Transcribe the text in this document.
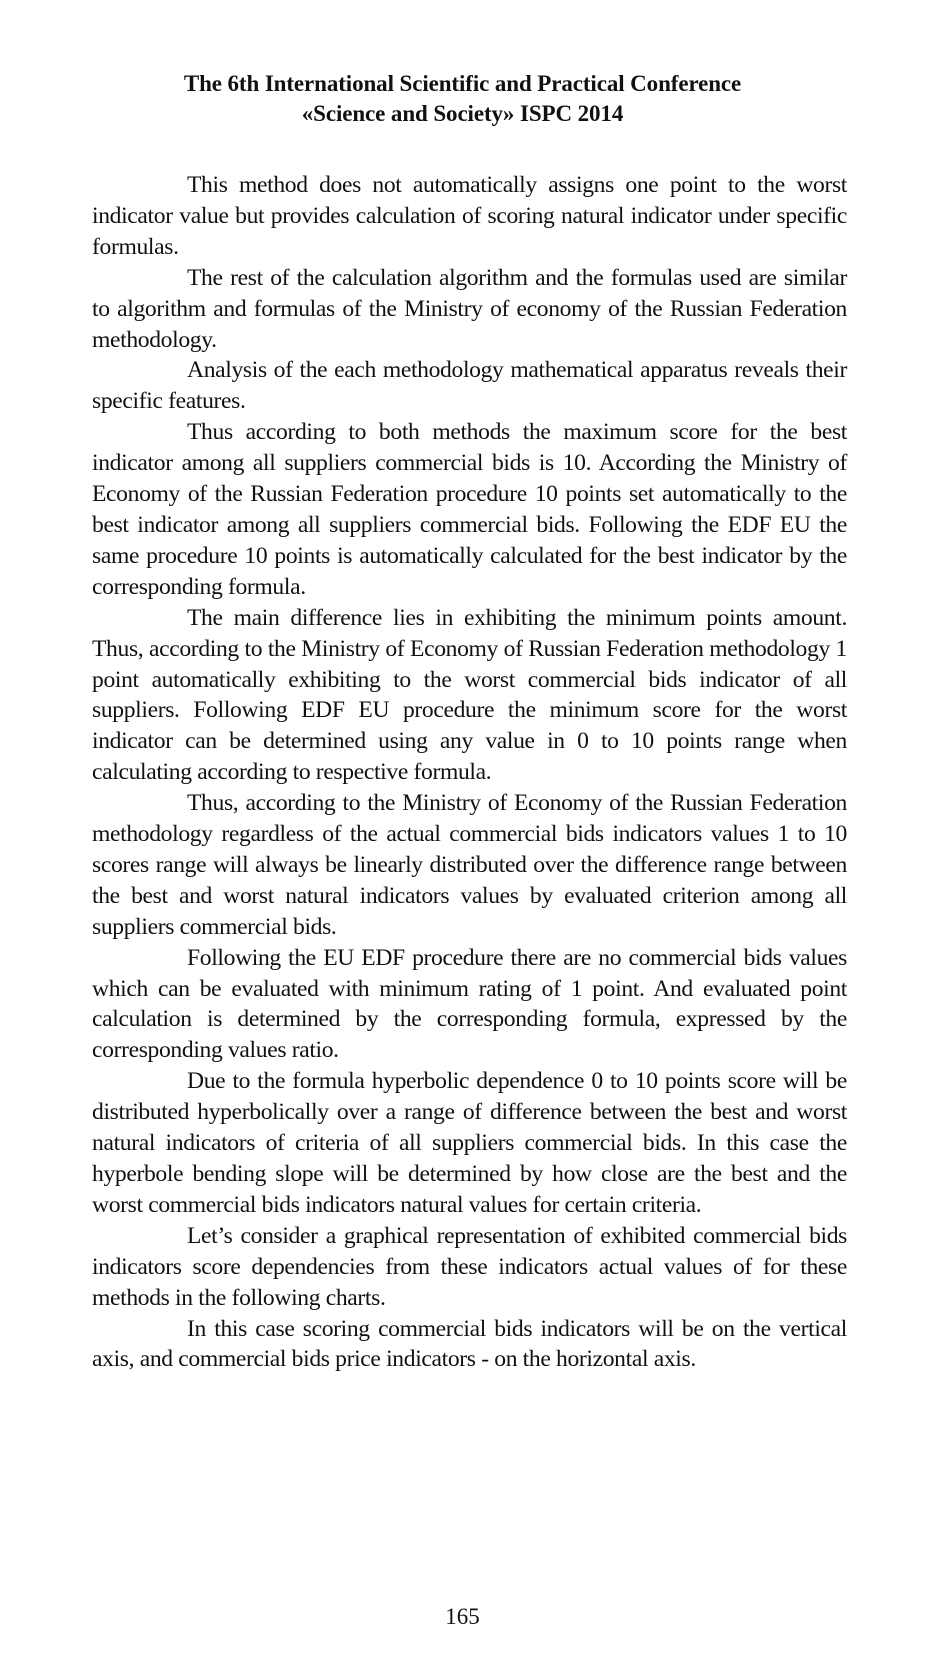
The 6th International Scientific and Practical Conference
«Science and Society» ISPC 2014

This method does not automatically assigns one point to the worst indicator value but provides calculation of scoring natural indicator under specific formulas.

The rest of the calculation algorithm and the formulas used are similar to algorithm and formulas of the Ministry of economy of the Russian Federation methodology.

Analysis of the each methodology mathematical apparatus reveals their specific features.

Thus according to both methods the maximum score for the best indicator among all suppliers commercial bids is 10. According the Ministry of Economy of the Russian Federation procedure 10 points set automatically to the best indicator among all suppliers commercial bids. Following the EDF EU the same procedure 10 points is automatically calculated for the best indicator by the corresponding formula.

The main difference lies in exhibiting the minimum points amount. Thus, according to the Ministry of Economy of Russian Federation methodology 1 point automatically exhibiting to the worst commercial bids indicator of all suppliers. Following EDF EU procedure the minimum score for the worst indicator can be determined using any value in 0 to 10 points range when calculating according to respective formula.

Thus, according to the Ministry of Economy of the Russian Federation methodology regardless of the actual commercial bids indicators values 1 to 10 scores range will always be linearly distributed over the difference range between the best and worst natural indicators values by evaluated criterion among all suppliers commercial bids.

Following the EU EDF procedure there are no commercial bids values which can be evaluated with minimum rating of 1 point. And evaluated point calculation is determined by the corresponding formula, expressed by the corresponding values ratio.

Due to the formula hyperbolic dependence 0 to 10 points score will be distributed hyperbolically over a range of difference between the best and worst natural indicators of criteria of all suppliers commercial bids. In this case the hyperbole bending slope will be determined by how close are the best and the worst commercial bids indicators natural values for certain criteria.

Let’s consider a graphical representation of exhibited commercial bids indicators score dependencies from these indicators actual values of for these methods in the following charts.

In this case scoring commercial bids indicators will be on the vertical axis, and commercial bids price indicators - on the horizontal axis.

165
